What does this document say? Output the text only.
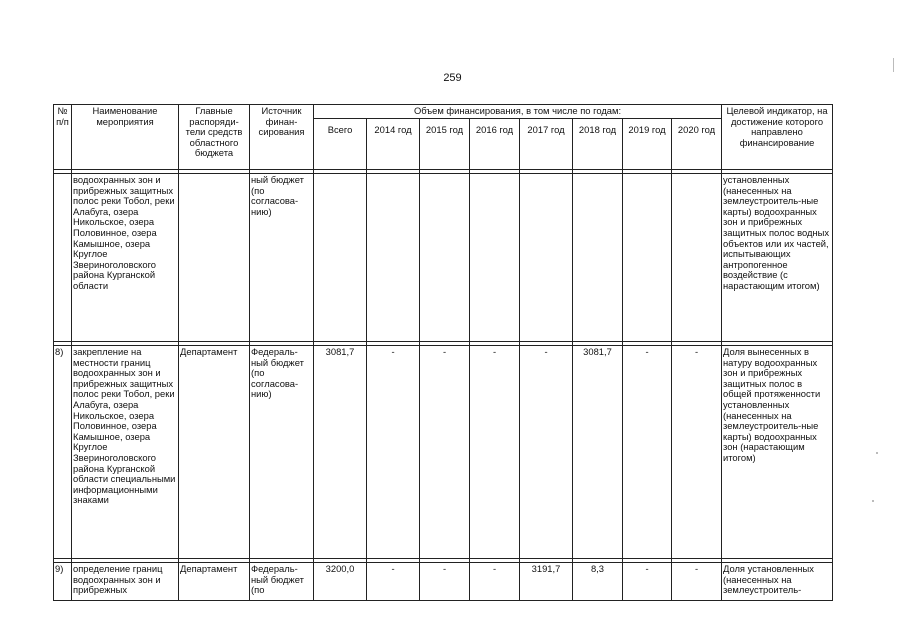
259
№ п/п	Наименование мероприятия	Главные распоряди-тели средств областного бюджета	Источник финан-сирования	Объем финансирования, в том числе по годам:								Целевой индикатор, на достижение которого направлено финансирование
				Всего	2014 год	2015 год	2016 год	2017 год	2018 год	2019 год	2020 год	

	водоохранных зон и прибрежных защитных полос реки Тобол, реки Алабуга, озера Никольское, озера Половинное, озера Камышное, озера Круглое Звериноголовского района Курганской области		ный бюджет (по согласова-нию)									установленных (нанесенных на землеустроитель-ные карты) водоохранных зон и прибрежных защитных полос водных объектов или их частей, испытывающих антропогенное воздействие (с нарастающим итогом)

8)	закрепление на местности границ водоохранных зон и прибрежных защитных полос реки Тобол, реки Алабуга, озера Никольское, озера Половинное, озера Камышное, озера Круглое Звериноголовского района Курганской области специальными информационными знаками	Департамент	Федераль-ный бюджет (по согласова-нию)	3081,7	-	-	-	-	3081,7	-	-	Доля вынесенных в натуру водоохранных зон и прибрежных защитных полос в общей протяженности установленных (нанесенных на землеустроитель-ные карты) водоохранных зон (нарастающим итогом)

9)	определение границ водоохранных зон и прибрежных	Департамент	Федераль-ный бюджет (по	3200,0	-	-	-	3191,7	8,3	-	-	Доля установленных (нанесенных на землеустроитель-
